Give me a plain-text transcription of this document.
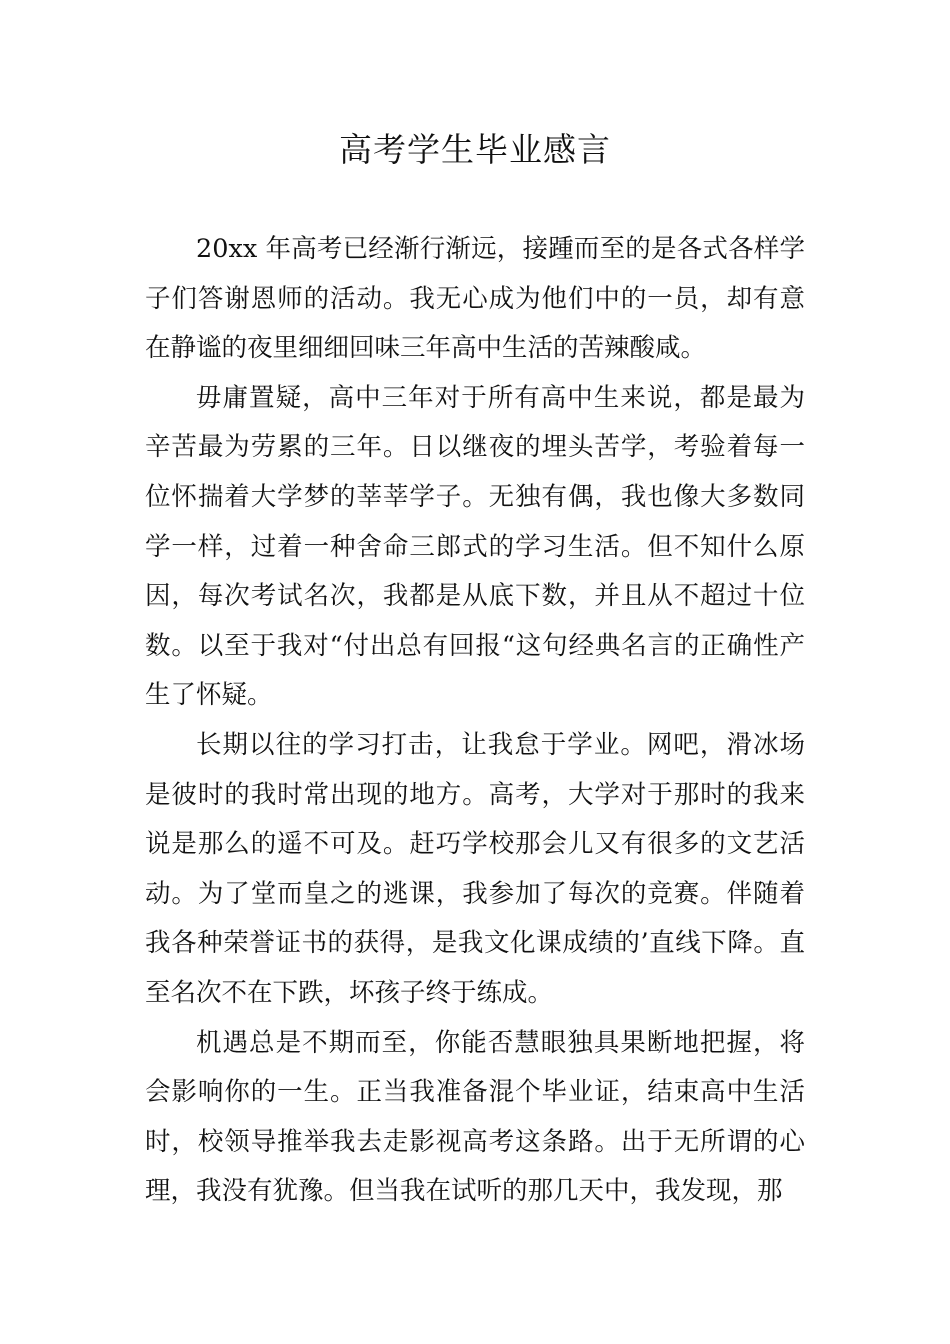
高考学生毕业感言

20xx 年高考已经渐行渐远，接踵而至的是各式各样学子们答谢恩师的活动。我无心成为他们中的一员，却有意在静谧的夜里细细回味三年高中生活的苦辣酸咸。

毋庸置疑，高中三年对于所有高中生来说，都是最为辛苦最为劳累的三年。日以继夜的埋头苦学，考验着每一位怀揣着大学梦的莘莘学子。无独有偶，我也像大多数同学一样，过着一种舍命三郎式的学习生活。但不知什么原因，每次考试名次，我都是从底下数，并且从不超过十位数。以至于我对“付出总有回报“这句经典名言的正确性产生了怀疑。

长期以往的学习打击，让我怠于学业。网吧，滑冰场是彼时的我时常出现的地方。高考，大学对于那时的我来说是那么的遥不可及。赶巧学校那会儿又有很多的文艺活动。为了堂而皇之的逃课，我参加了每次的竞赛。伴随着我各种荣誉证书的获得，是我文化课成绩的’直线下降。直至名次不在下跌，坏孩子终于练成。

机遇总是不期而至，你能否慧眼独具果断地把握，将会影响你的一生。正当我准备混个毕业证，结束高中生活时，校领导推举我去走影视高考这条路。出于无所谓的心理，我没有犹豫。但当我在试听的那几天中，我发现，那
